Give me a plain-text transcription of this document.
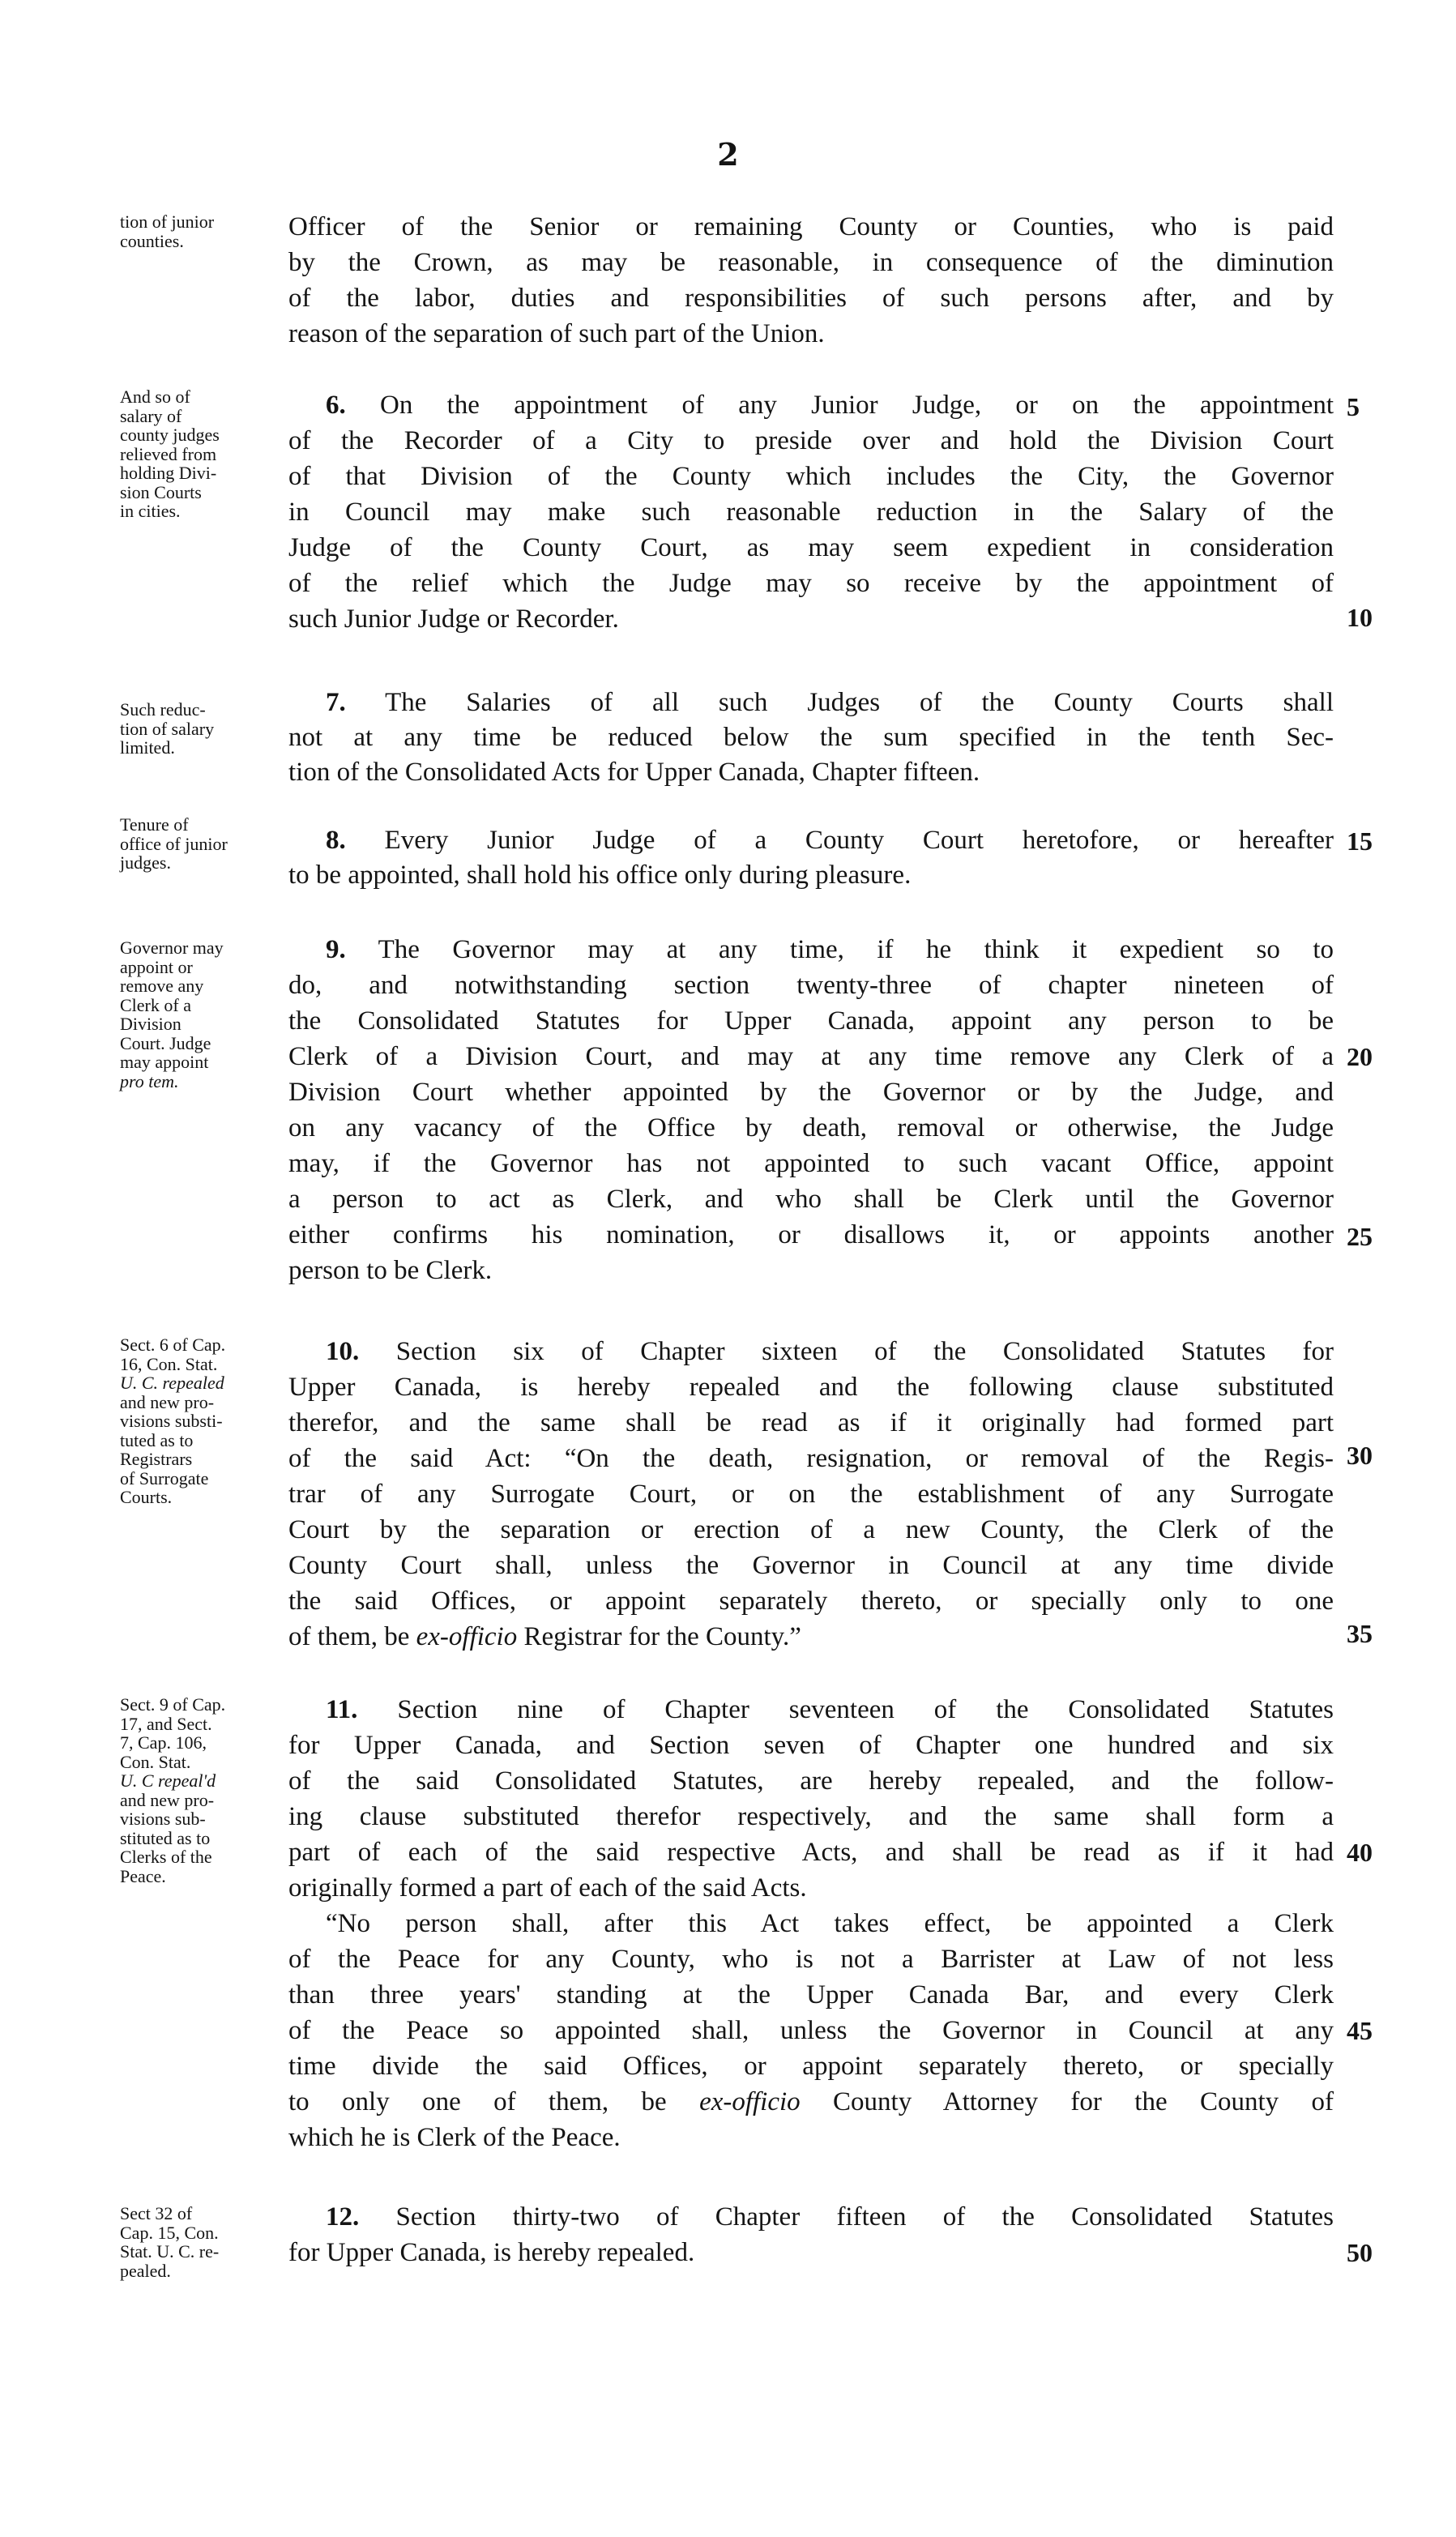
2
tion of junior
counties.	Officer of the Senior or remaining County or Counties, who is paid
by the Crown, as may be reasonable, in consequence of the diminution
of the labor, duties and responsibilities of such persons after, and by
reason of the separation of such part of the Union.
And so of
salary of
county judges
relieved from
holding Divi-
sion Courts
in cities.
6. On the appointment of any Junior Judge, or on the appointment
of the Recorder of a City to preside over and hold the Division Court
of that Division of the County which includes the City, the Governor
in Council may make such reasonable reduction in the Salary of the
Judge of the County Court, as may seem expedient in consideration
of the relief which the Judge may so receive by the appointment of
such Junior Judge or Recorder.
Such reduc-
tion of salary
limited.
7. The Salaries of all such Judges of the County Courts shall
not at any time be reduced below the sum specified in the tenth Sec-
tion of the Consolidated Acts for Upper Canada, Chapter fifteen.
Tenure of
office of junior
judges.
8. Every Junior Judge of a County Court heretofore, or hereafter
to be appointed, shall hold his office only during pleasure.
Governor may
appoint or
remove any
Clerk of a
Division
Court. Judge
may appoint
pro tem.
9. The Governor may at any time, if he think it expedient so to
do, and notwithstanding section twenty-three of chapter nineteen of
the Consolidated Statutes for Upper Canada, appoint any person to be
Clerk of a Division Court, and may at any time remove any Clerk of a
Division Court whether appointed by the Governor or by the Judge, and
on any vacancy of the Office by death, removal or otherwise, the Judge
may, if the Governor has not appointed to such vacant Office, appoint
a person to act as Clerk, and who shall be Clerk until the Governor
either confirms his nomination, or disallows it, or appoints another
person to be Clerk.
Sect. 6 of Cap.
16, Con. Stat.
U. C. repealed
and new pro-
visions substi-
tuted as to
Registrars
of Surrogate
Courts.
10. Section six of Chapter sixteen of the Consolidated Statutes for
Upper Canada, is hereby repealed and the following clause substituted
therefor, and the same shall be read as if it originally had formed part
of the said Act: “On the death, resignation, or removal of the Regis-
trar of any Surrogate Court, or on the establishment of any Surrogate
Court by the separation or erection of a new County, the Clerk of the
County Court shall, unless the Governor in Council at any time divide
the said Offices, or appoint separately thereto, or specially only to one
of them, be ex-officio Registrar for the County.”
Sect. 9 of Cap.
17, and Sect.
7, Cap. 106,
Con. Stat.
U. C repeal'd
and new pro-
visions sub-
stituted as to
Clerks of the
Peace.
11. Section nine of Chapter seventeen of the Consolidated Statutes
for Upper Canada, and Section seven of Chapter one hundred and six
of the said Consolidated Statutes, are hereby repealed, and the follow-
ing clause substituted therefor respectively, and the same shall form a
part of each of the said respective Acts, and shall be read as if it had
originally formed a part of each of the said Acts.
“No person shall, after this Act takes effect, be appointed a Clerk
of the Peace for any County, who is not a Barrister at Law of not less
than three years' standing at the Upper Canada Bar, and every Clerk
of the Peace so appointed shall, unless the Governor in Council at any
time divide the said Offices, or appoint separately thereto, or specially
to only one of them, be ex-officio County Attorney for the County of
which he is Clerk of the Peace.
Sect 32 of
Cap. 15, Con.
Stat. U. C. re-
pealed.
12. Section thirty-two of Chapter fifteen of the Consolidated Statutes
for Upper Canada, is hereby repealed.
5
10
15
20
25
30
35
40
45
50
